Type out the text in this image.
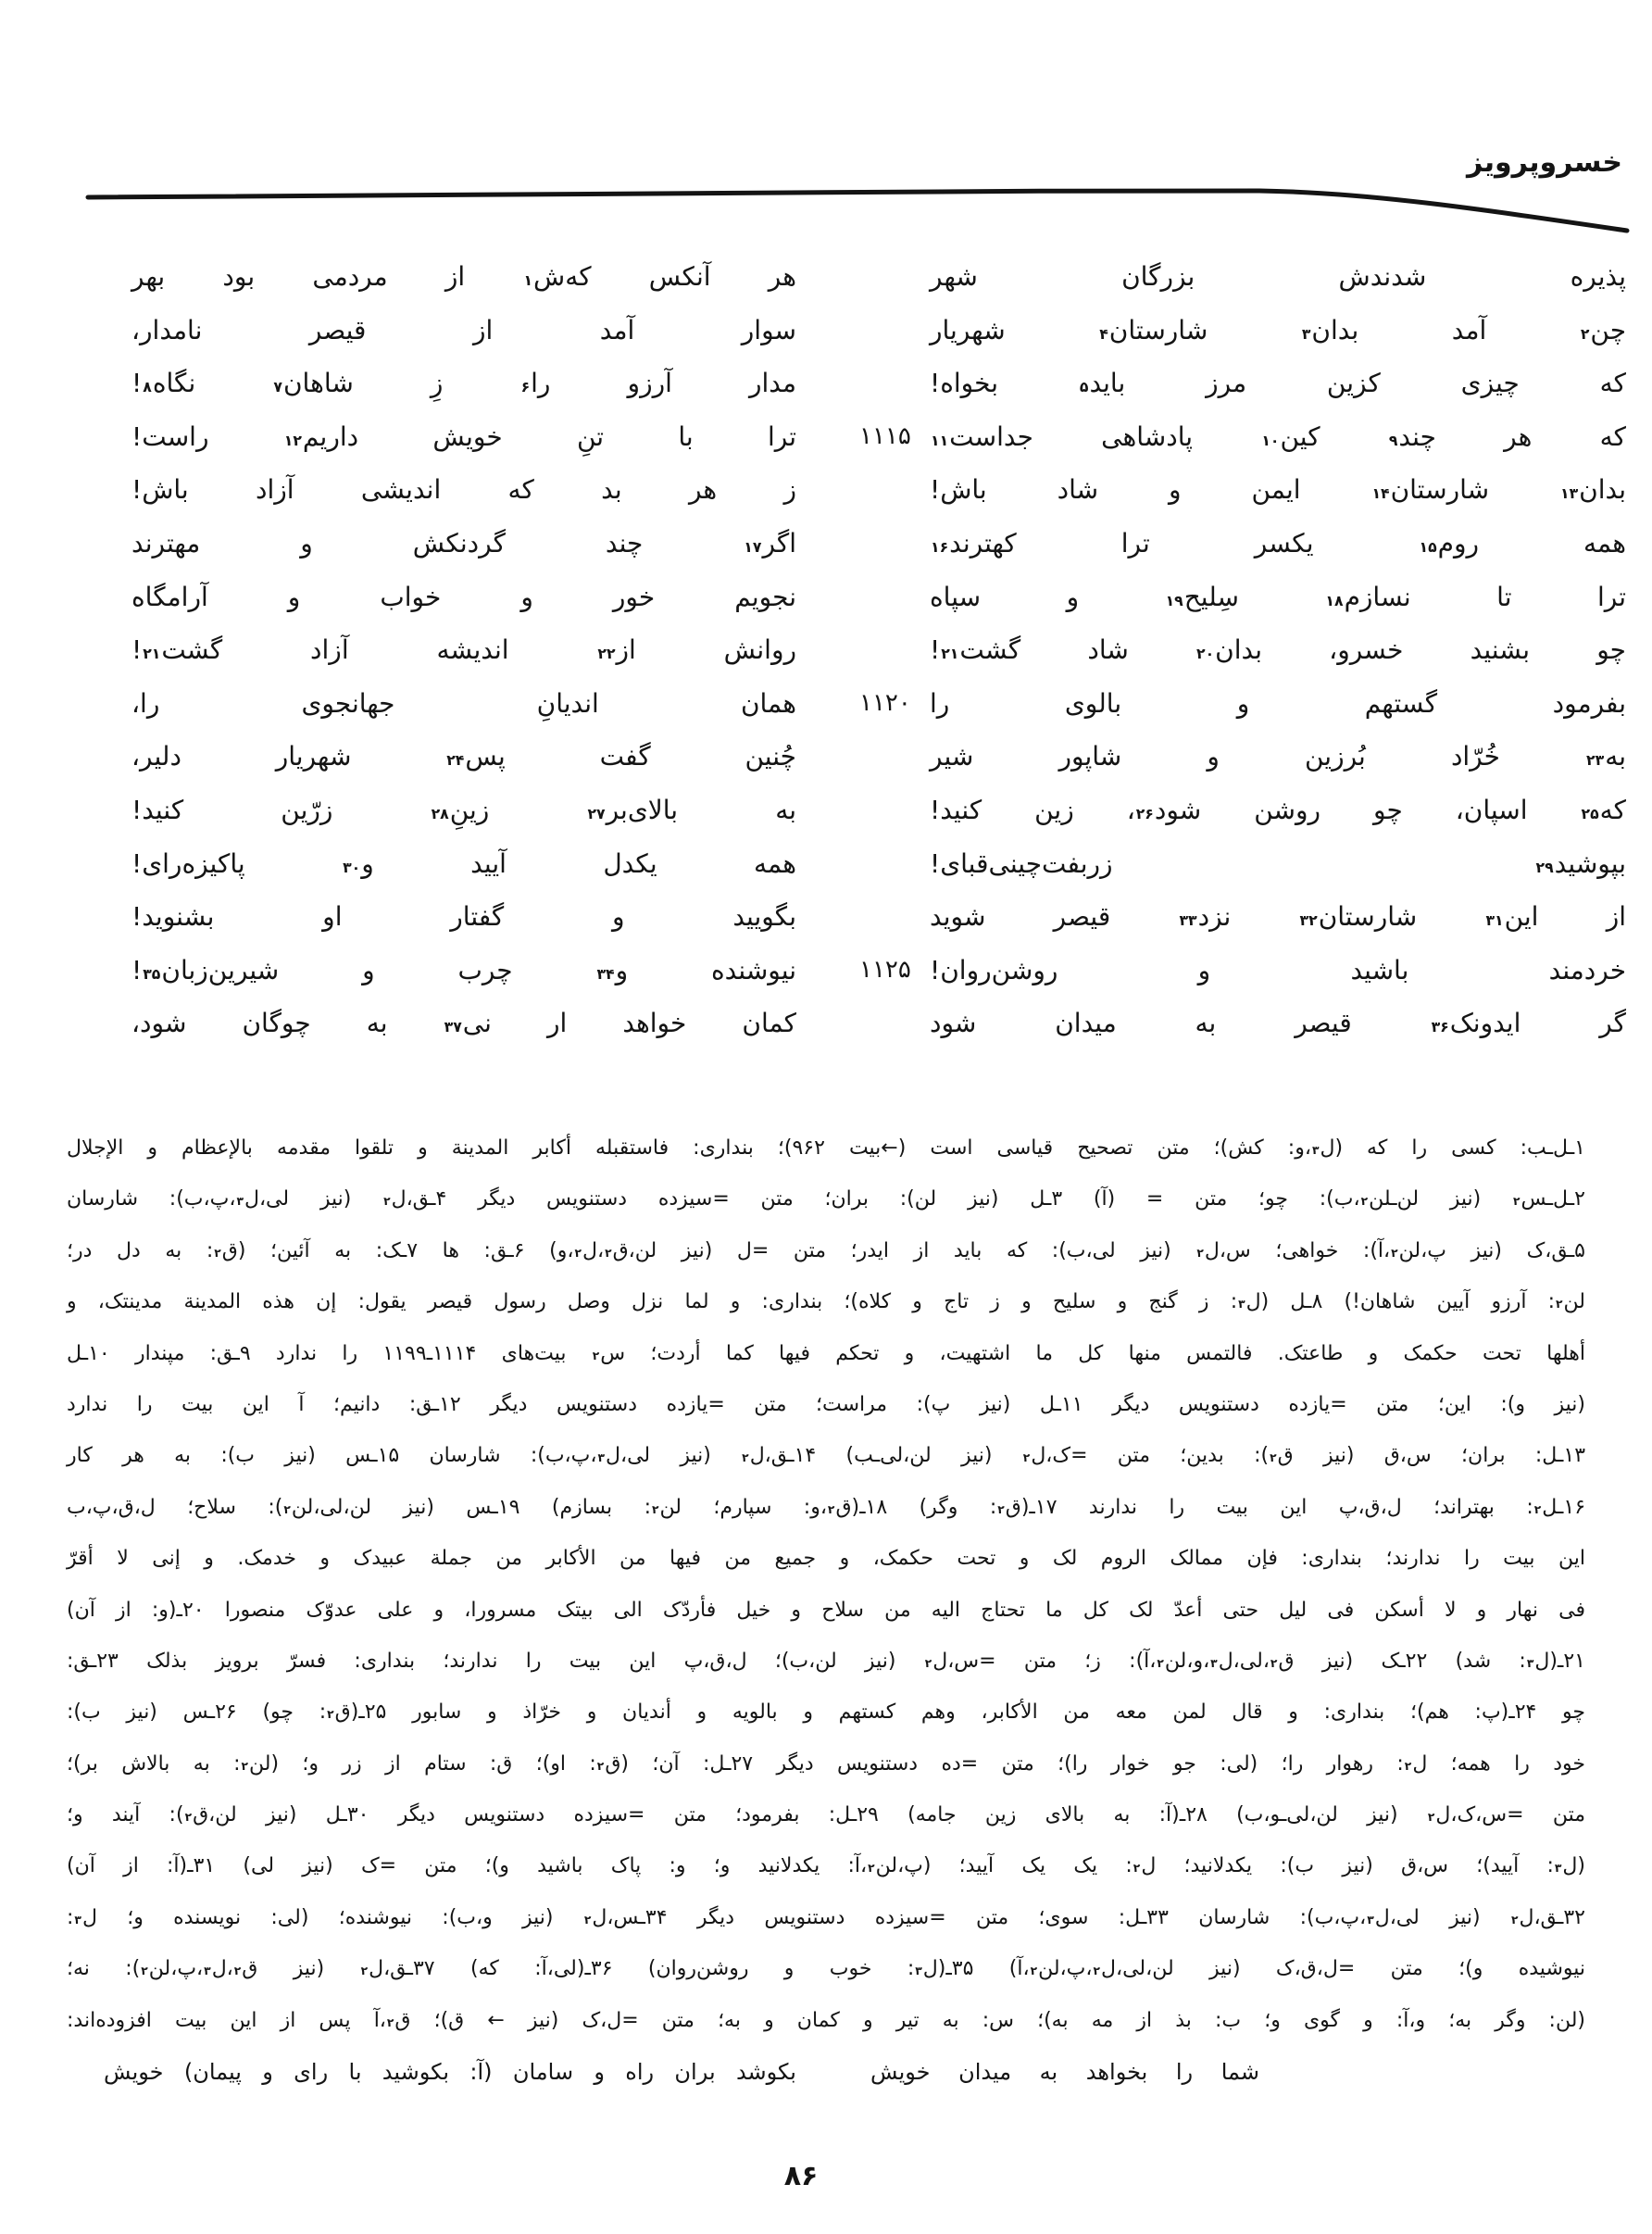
خسروپرویز
پذیره شدندش بزرگان شهر
چن$^۲$ آمد بدان$^۳$ شارستان$^۴$ شهریار
که چیزی کزین مرز باید$^۵$ بخواه!
که هر چند$^۹$ کین$^{۱۰}$ پادشاهی جداست$^{۱۱}$
۱۱۱۵
بدان$^{۱۳}$ شارستان$^{۱۴}$ ایمن و شاد باش!
همه روم$^{۱۵}$ یکسر ترا کهترند$^{۱۶}$
ترا تا نسازم$^{۱۸}$ سِلیح$^{۱۹}$ و سپاه
چو بشنید خسرو، بدان$^{۲۰}$ شاد گشت$^{۲۱}$!
بفرمود گستهم و بالوی را
۱۱۲۰
به$^{۲۳}$ خُرّاد بُرزین و شاپور شیر
که$^{۲۵}$ اسپان، چو روشن شود$^{۲۶}$، زین کنید!
بپوشید$^{۲۹}$ زربفت‌چینی‌قبای!
از این$^{۳۱}$ شارستان$^{۳۲}$ نزد$^{۳۳}$ قیصر شوید
خردمند باشید و روشن‌روان!
۱۱۲۵
گر ایدونک$^{۳۶}$ قیصر به میدان شود
هر آنکس که‌ش$^۱$ از مردمی بود بهر
سوار آمد از قیصر نامدار،
مدار آرزو را$^۶$ زِ شاهان$^۷$ نگاه$^۸$!
ترا با تنِ خویش داریم$^{۱۲}$ راست!
ز هر بد که اندیشی آزاد باش!
اگر$^{۱۷}$ چند گردنکش و مهترند
نجویم خور و خواب و آرامگاه
روانش از$^{۲۲}$ اندیشه آزاد گشت$^{۲۱}$!
همان اندیانِ جهانجوی را،
چُنین گفت پس$^{۲۴}$ شهریار دلیر،
به بالای‌بر$^{۲۷}$ زینِ$^{۲۸}$ زرّین کنید!
همه یکدل آیید و$^{۳۰}$ پاکیزه‌رای!
بگویید و گفتار او بشنوید!
نیوشنده و$^{۳۴}$ چرب و شیرین‌زبان$^{۳۵}$!
کمان خواهد ار نی$^{۳۷}$ به چوگان شود،
۱ـل‌ـب: کسی را که (ل$^۳$،و: کش)؛ متن تصحیح قیاسی است (←بیت ۹۶۲)؛ بنداری: فاستقبله أکابر المدینة و تلقوا مقدمه بالإعظام و الإجلال
۲ـل‌ـس$^۲$ (نیز لن‌ـلن$^۲$،ب): چو؛ متن = (آ) ۳ـل (نیز لن): بران؛ متن =سیزده دستنویس دیگر ۴ـق،ل$^۲$ (نیز لی،ل$^۳$،پ،ب): شارسان
۵ـق،ک (نیز پ،لن$^۲$،آ): خواهی؛ س،ل$^۲$ (نیز لی،ب): که باید از ایدر؛ متن =ل (نیز لن،ق$^۲$،ل$^۲$،و) ۶ـق: ها ۷ـک: به آئین؛ (ق$^۲$: به دل در؛
لن$^۲$: آرزو آیین شاهان!) ۸ـل (ل$^۳$: ز گنج و سلیح و ز تاج و کلاه)؛ بنداری: و لما نزل وصل رسول قیصر یقول: إن هذه المدینة مدینتک، و
أهلها تحت حکمک و طاعتک. فالتمس منها کل ما اشتهیت، و تحکم فیها کما أردت؛ س$^۲$ بیت‌های ۱۱۱۴ـ۱۱۹۹ را ندارد ۹ـق: مپندار ۱۰ـل
(نیز و): این؛ متن =یازده دستنویس دیگر ۱۱ـل (نیز پ): مراست؛ متن =یازده دستنویس دیگر ۱۲ـق: دانیم؛ آ این بیت را ندارد
۱۳ـل: بران؛ س،ق (نیز ق$^۲$): بدین؛ متن =ک،ل$^۲$ (نیز لن،لی‌ـب) ۱۴ـق،ل$^۲$ (نیز لی،ل$^۳$،پ،ب): شارسان ۱۵ـس (نیز ب): به هر کار
۱۶ـل$^۲$: بهتراند؛ ل،ق،پ این بیت را ندارند ۱۷ـ(ق$^۲$: وگر) ۱۸ـ(ق$^۲$،و: سپارم؛ لن$^۲$: بسازم) ۱۹ـس (نیز لن،لی،لن$^۲$): سلاح؛ ل،ق،پ،ب
این بیت را ندارند؛ بنداری: فإن ممالک الروم لک و تحت حکمک، و جمیع من فیها من الأکابر من جملة عبیدک و خدمک. و إنی لا أقرّ
فی نهار و لا أسکن فی لیل حتی أعدّ لک کل ما تحتاج الیه من سلاح و خیل فأردّک الی بیتک مسرورا، و علی عدوّک منصورا ۲۰ـ(و: از آن)
۲۱ـ(ل$^۳$: شد) ۲۲ـک (نیز ق$^۲$،لی،ل$^۳$،و،لن$^۲$،آ): ز؛ متن =س،ل$^۲$ (نیز لن،ب)؛ ل،ق،پ این بیت را ندارند؛ بنداری: فسرّ برویز بذلک ۲۳ـق:
چو ۲۴ـ(پ: هم)؛ بنداری: و قال لمن معه من الأکابر، وهم کستهم و بالویه و أندیان و خرّاذ و سابور ۲۵ـ(ق$^۲$: چو) ۲۶ـس (نیز ب):
خود را همه؛ ل$^۲$: رهوار را؛ (لی: جو خوار را)؛ متن =ده دستنویس دیگر ۲۷ـل: آن؛ (ق$^۲$: او)؛ ق: ستام از زر و؛ (لن$^۲$: به بالاش بر)؛
متن =س،ک،ل$^۲$ (نیز لن،لی‌ـو،ب) ۲۸ـ(آ: به بالای زین جامه) ۲۹ـل: بفرمود؛ متن =سیزده دستنویس دیگر ۳۰ـل (نیز لن،ق$^۲$): آیند و؛
(ل$^۳$: آیید)؛ س،ق (نیز ب): یکدلانید؛ ل$^۲$: یک یک آیید؛ (پ،لن$^۲$،آ: یکدلانید و؛ و: پاک باشید و)؛ متن =ک (نیز لی) ۳۱ـ(آ: از آن)
۳۲ـق،ل$^۲$ (نیز لی،ل$^۳$،پ،ب): شارسان ۳۳ـل: سوی؛ متن =سیزده دستنویس دیگر ۳۴ـس،ل$^۲$ (نیز و،ب): نیوشنده؛ (لی: نویسنده و؛ ل$^۳$:
نیوشیده و)؛ متن =ل،ق،ک (نیز لن،لی،ل$^۲$،پ،لن$^۲$،آ) ۳۵ـ(ل$^۳$: خوب و روشن‌روان) ۳۶ـ(لی،آ: که) ۳۷ـق،ل$^۲$ (نیز ق$^۲$،ل$^۳$،پ،لن$^۲$): نه؛
(لن: وگر به؛ و،آ: و گوی و؛ ب: بذ از مه به)؛ س: به تیر و کمان و به؛ متن =ل،ک (نیز ← ق)؛ ق$^۲$،آ پس از این بیت افزوده‌اند:
شما را بخواهد به میدان خویش
بکوشد بران راه و سامان (آ: بکوشید با رای و پیمان) خویش
۸۶
